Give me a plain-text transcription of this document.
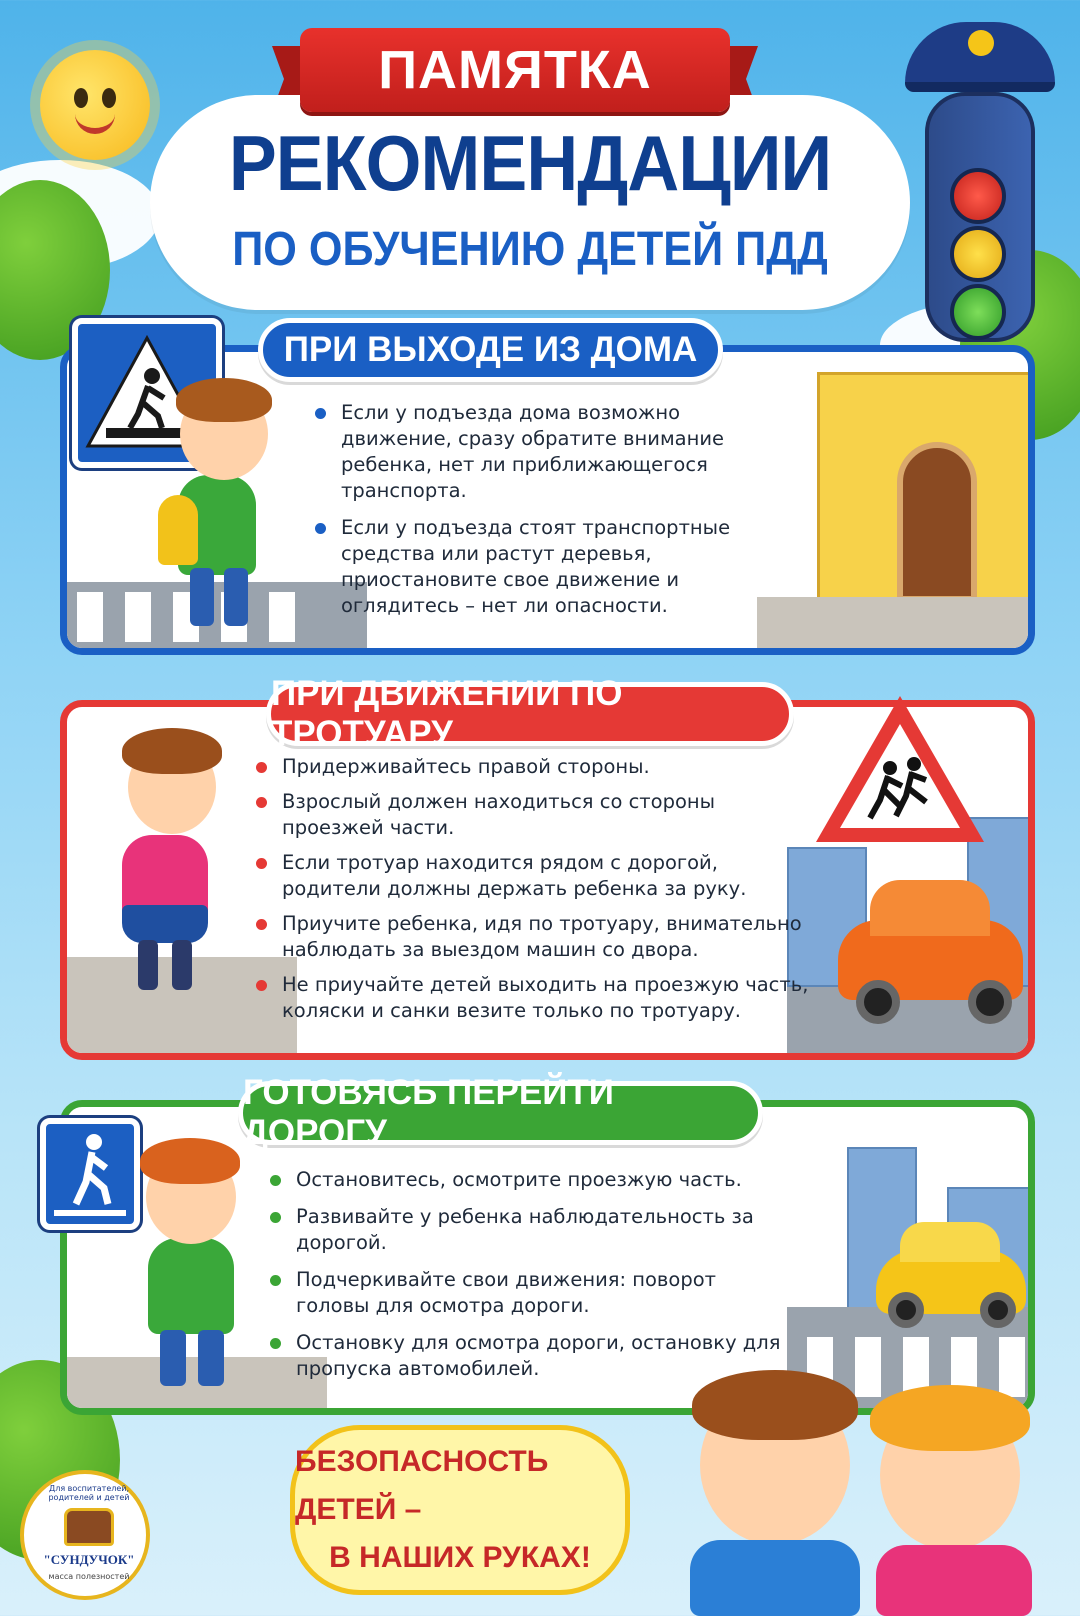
ПАМЯТКА
РЕКОМЕНДАЦИИ
ПО ОБУЧЕНИЮ ДЕТЕЙ ПДД
ПРИ ВЫХОДЕ ИЗ ДОМА
Если у подъезда дома возможно движение, сразу обратите внимание ребенка, нет ли приближающегося транспорта.
Если у подъезда стоят транспортные средства или растут деревья, приостановите свое движение и оглядитесь – нет ли опасности.
ПРИ ДВИЖЕНИИ ПО ТРОТУАРУ
Придерживайтесь правой стороны.
Взрослый должен находиться со стороны проезжей части.
Если тротуар находится рядом с дорогой, родители должны держать ребенка за руку.
Приучите ребенка, идя по тротуару, внимательно наблюдать за выездом машин со двора.
Не приучайте детей выходить на проезжую часть, коляски и санки везите только по тротуару.
ГОТОВЯСЬ ПЕРЕЙТИ ДОРОГУ
Остановитесь, осмотрите проезжую часть.
Развивайте у ребенка наблюдательность за дорогой.
Подчеркивайте свои движения: поворот головы для осмотра дороги.
Остановку для осмотра дороги, остановку для пропуска автомобилей.
БЕЗОПАСНОСТЬ ДЕТЕЙ –
В НАШИХ РУКАХ!
Для воспитателей, родителей и детей
"СУНДУЧОК"
масса полезностей
